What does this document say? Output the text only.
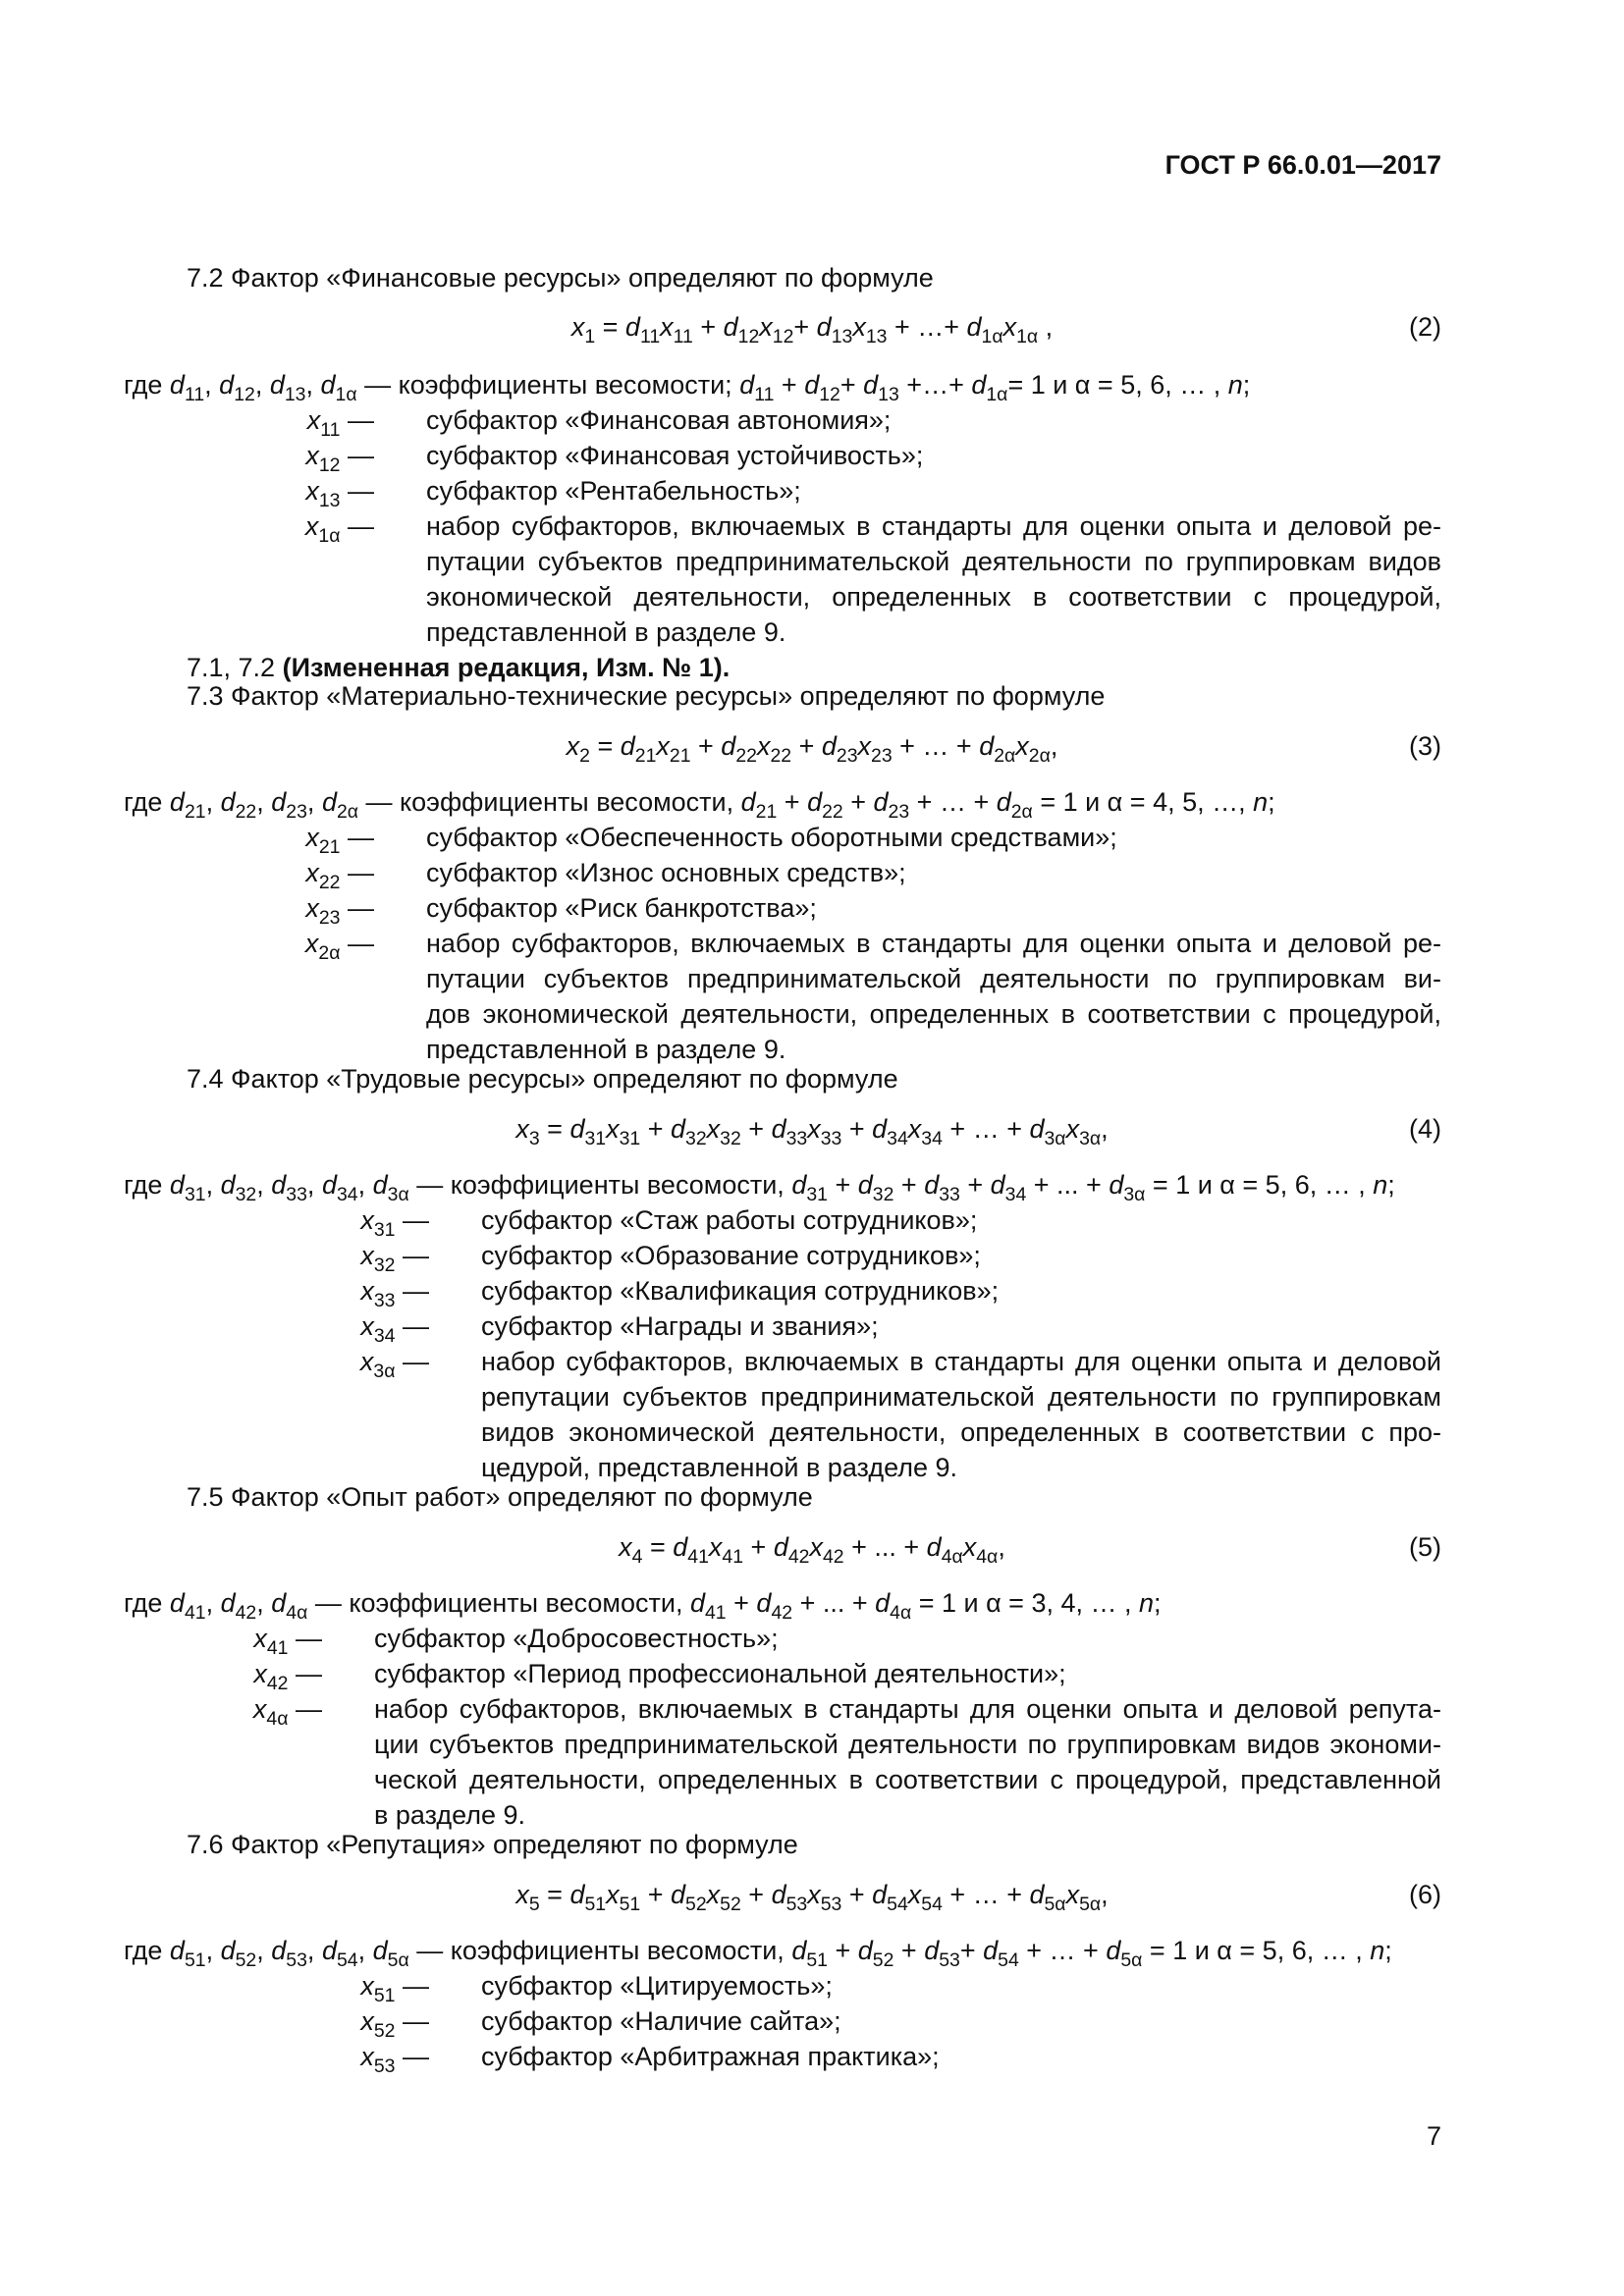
ГОСТ Р 66.0.01—2017
7.2 Фактор «Финансовые ресурсы» определяют по формуле
$x_1 = d_{11}x_{11} + d_{12}x_{12}+ d_{13}x_{13}$ + …+ $d_{1\alpha}x_{1\alpha}$ ,	(2)
где $d_{11}$, $d_{12}$, $d_{13}$, $d_{1\alpha}$ — коэффициенты весомости; $d_{11} + d_{12}+ d_{13}$ +…+ $d_{1\alpha}= 1$ и α = 5, 6, … , n;
$x_{11}$ — субфактор «Финансовая автономия»;
$x_{12}$ — субфактор «Финансовая устойчивость»;
$x_{13}$ — субфактор «Рентабельность»;
$x_{1\alpha}$ — набор субфакторов, включаемых в стандарты для оценки опыта и деловой ре-
путации субъектов предпринимательской деятельности по группировкам видов
экономической деятельности, определенных в соответствии с процедурой,
представленной в разделе 9.
7.1, 7.2 (Измененная редакция, Изм. № 1).
7.3 Фактор «Материально-технические ресурсы» определяют по формуле
$x_2 = d_{21}x_{21} + d_{22}x_{22} + d_{23}x_{23}$ + … + $d_{2\alpha}x_{2\alpha}$,	(3)
где $d_{21}$, $d_{22}$, $d_{23}$, $d_{2\alpha}$ — коэффициенты весомости, $d_{21} + d_{22} + d_{23}$ + … + $d_{2\alpha} = 1$ и α = 4, 5, …, n;
$x_{21}$ — субфактор «Обеспеченность оборотными средствами»;
$x_{22}$ — субфактор «Износ основных средств»;
$x_{23}$ — субфактор «Риск банкротства»;
$x_{2\alpha}$ — набор субфакторов, включаемых в стандарты для оценки опыта и деловой ре-
путации субъектов предпринимательской деятельности по группировкам ви-
дов экономической деятельности, определенных в соответствии с процедурой,
представленной в разделе 9.
7.4 Фактор «Трудовые ресурсы» определяют по формуле
$x_3 = d_{31}x_{31} + d_{32}x_{32} + d_{33}x_{33} + d_{34}x_{34}$ + … + $d_{3\alpha}x_{3\alpha}$,	(4)
где $d_{31}$, $d_{32}$, $d_{33}$, $d_{34}$, $d_{3\alpha}$ — коэффициенты весомости, $d_{31} + d_{32} + d_{33} + d_{34}$ + ... + $d_{3\alpha} = 1$ и α = 5, 6, … , n;
$x_{31}$ — субфактор «Стаж работы сотрудников»;
$x_{32}$ — субфактор «Образование сотрудников»;
$x_{33}$ — субфактор «Квалификация сотрудников»;
$x_{34}$ — субфактор «Награды и звания»;
$x_{3\alpha}$ — набор субфакторов, включаемых в стандарты для оценки опыта и деловой
репутации субъектов предпринимательской деятельности по группировкам
видов экономической деятельности, определенных в соответствии с про-
цедурой, представленной в разделе 9.
7.5 Фактор «Опыт работ» определяют по формуле
$x_4 = d_{41}x_{41} + d_{42}x_{42}$ + ... + $d_{4\alpha}x_{4\alpha}$,	(5)
где $d_{41}$, $d_{42}$, $d_{4\alpha}$ — коэффициенты весомости, $d_{41} + d_{42}$ + ... + $d_{4\alpha} = 1$ и α = 3, 4, … , n;
$x_{41}$ — субфактор «Добросовестность»;
$x_{42}$ — субфактор «Период профессиональной деятельности»;
$x_{4\alpha}$ — набор субфакторов, включаемых в стандарты для оценки опыта и деловой репута-
ции субъектов предпринимательской деятельности по группировкам видов экономи-
ческой деятельности, определенных в соответствии с процедурой, представленной
в разделе 9.
7.6 Фактор «Репутация» определяют по формуле
$x_5 = d_{51}x_{51} + d_{52}x_{52} + d_{53}x_{53} + d_{54}x_{54}$ + … + $d_{5\alpha}x_{5\alpha}$,	(6)
где $d_{51}$, $d_{52}$, $d_{53}$, $d_{54}$, $d_{5\alpha}$ — коэффициенты весомости, $d_{51} + d_{52} + d_{53}+ d_{54}$ + … + $d_{5\alpha} = 1$ и α = 5, 6, … , n;
$x_{51}$ — субфактор «Цитируемость»;
$x_{52}$ — субфактор «Наличие сайта»;
$x_{53}$ — субфактор «Арбитражная практика»;
7
